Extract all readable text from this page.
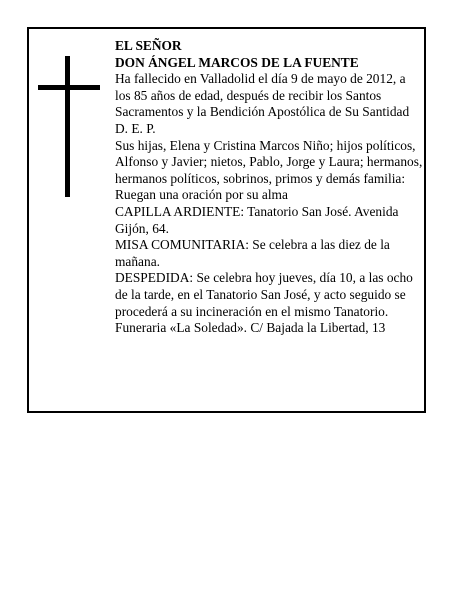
EL SEÑOR

DON ÁNGEL MARCOS DE LA FUENTE

Ha fallecido en Valladolid el día 9 de mayo de 2012, a los 85 años de edad, después de recibir los Santos Sacramentos y la Bendición Apostólica de Su Santidad D. E. P.

Sus hijas, Elena y Cristina Marcos Niño; hijos políticos, Alfonso y Javier; nietos, Pablo, Jorge y Laura; hermanos, hermanos políticos, sobrinos, primos y demás familia:

Ruegan una oración por su alma

CAPILLA ARDIENTE: Tanatorio San José. Avenida Gijón, 64.

MISA COMUNITARIA: Se celebra a las diez de la mañana.

DESPEDIDA: Se celebra hoy jueves, día 10, a las ocho de la tarde, en el Tanatorio San José, y acto seguido se procederá a su incineración en el mismo Tanatorio.

Funeraria «La Soledad». C/ Bajada la Libertad, 13
